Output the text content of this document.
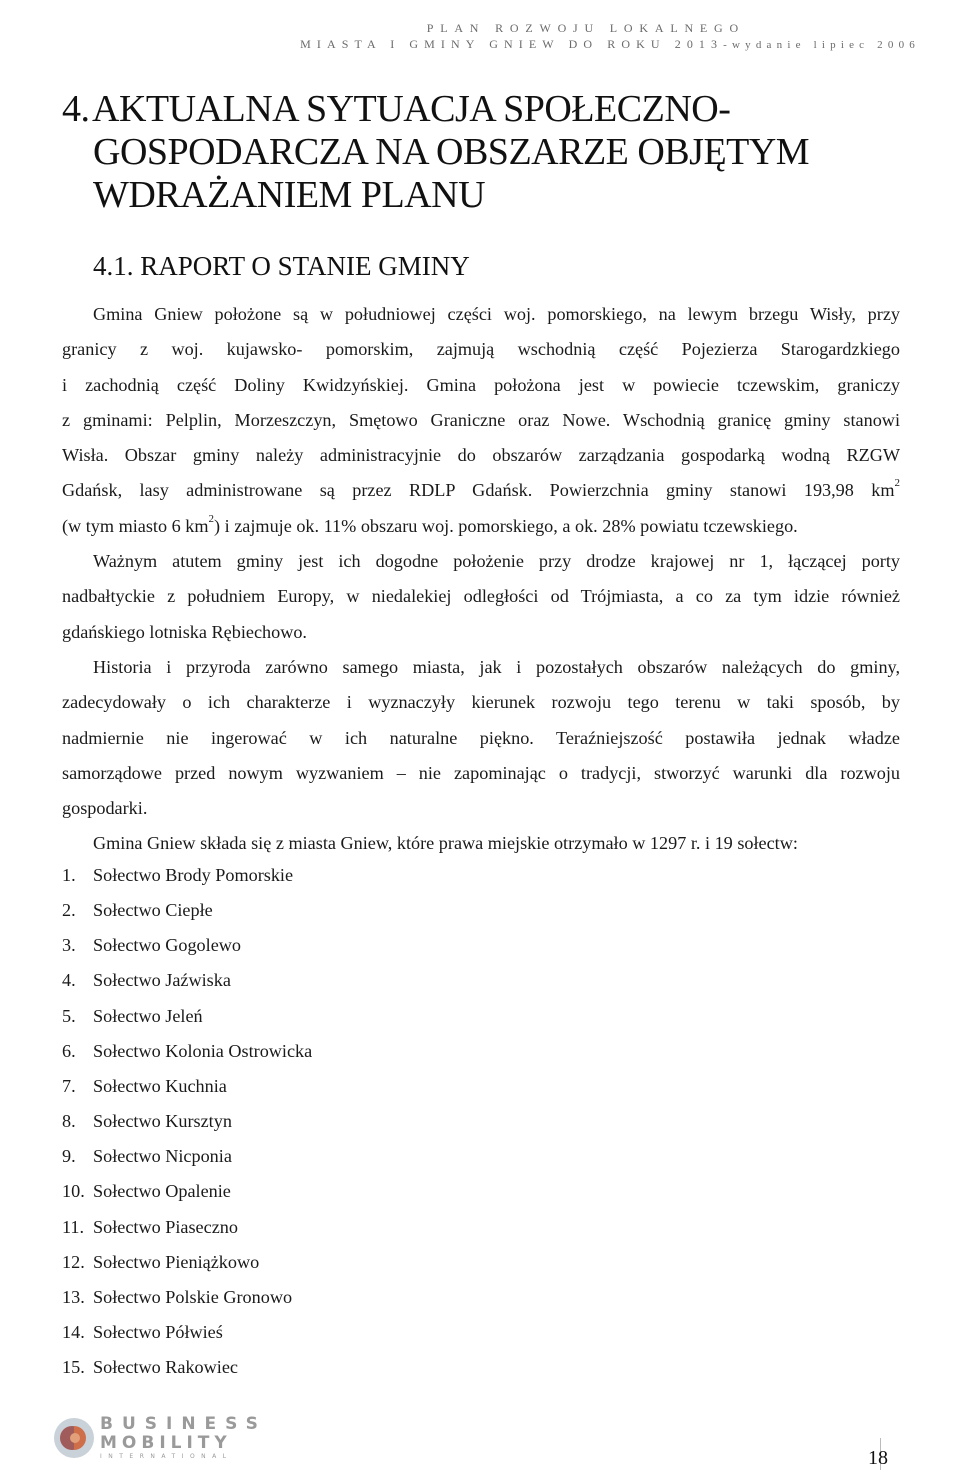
PLAN ROZWOJU LOKALNEGO
MIASTA I GMINY GNIEW DO ROKU 2013-wydanie lipiec 2006
4.AKTUALNA SYTUACJA SPOŁECZNO-
GOSPODARCZA NA OBSZARZE OBJĘTYM
WDRAŻANIEM PLANU
4.1. RAPORT O STANIE GMINY

Gmina Gniew położone są w południowej części woj. pomorskiego, na lewym brzegu Wisły, przy
granicy z woj. kujawsko- pomorskim, zajmują wschodnią część Pojezierza Starogardzkiego
i zachodnią część Doliny Kwidzyńskiej. Gmina położona jest w powiecie tczewskim, graniczy
z gminami: Pelplin, Morzeszczyn, Smętowo Graniczne oraz Nowe. Wschodnią granicę gminy stanowi
Wisła. Obszar gminy należy administracyjnie do obszarów zarządzania gospodarką wodną RZGW
Gdańsk, lasy administrowane są przez RDLP Gdańsk. Powierzchnia gminy stanowi 193,98 $km^2$
(w tym miasto 6 $km^2$) i zajmuje ok. 11% obszaru woj. pomorskiego, a ok. 28% powiatu tczewskiego.

Ważnym atutem gminy jest ich dogodne położenie przy drodze krajowej nr 1, łączącej porty
nadbałtyckie z południem Europy, w niedalekiej odległości od Trójmiasta, a co za tym idzie również
gdańskiego lotniska Rębiechowo.

Historia i przyroda zarówno samego miasta, jak i pozostałych obszarów należących do gminy,
zadecydowały o ich charakterze i wyznaczyły kierunek rozwoju tego terenu w taki sposób, by
nadmiernie nie ingerować w ich naturalne piękno. Teraźniejszość postawiła jednak władze
samorządowe przed nowym wyzwaniem – nie zapominając o tradycji, stworzyć warunki dla rozwoju
gospodarki.

Gmina Gniew składa się z miasta Gniew, które prawa miejskie otrzymało w 1297 r. i 19 sołectw:

1. Sołectwo Brody Pomorskie
2. Sołectwo Ciepłe
3. Sołectwo Gogolewo
4. Sołectwo Jaźwiska
5. Sołectwo Jeleń
6. Sołectwo Kolonia Ostrowicka
7. Sołectwo Kuchnia
8. Sołectwo Kursztyn
9. Sołectwo Nicponia
10. Sołectwo Opalenie
11. Sołectwo Piaseczno
12. Sołectwo Pieniążkowo
13. Sołectwo Polskie Gronowo
14. Sołectwo Półwieś
15. Sołectwo Rakowiec
BUSINESS
MOBILITY
INTERNATIONAL	18
